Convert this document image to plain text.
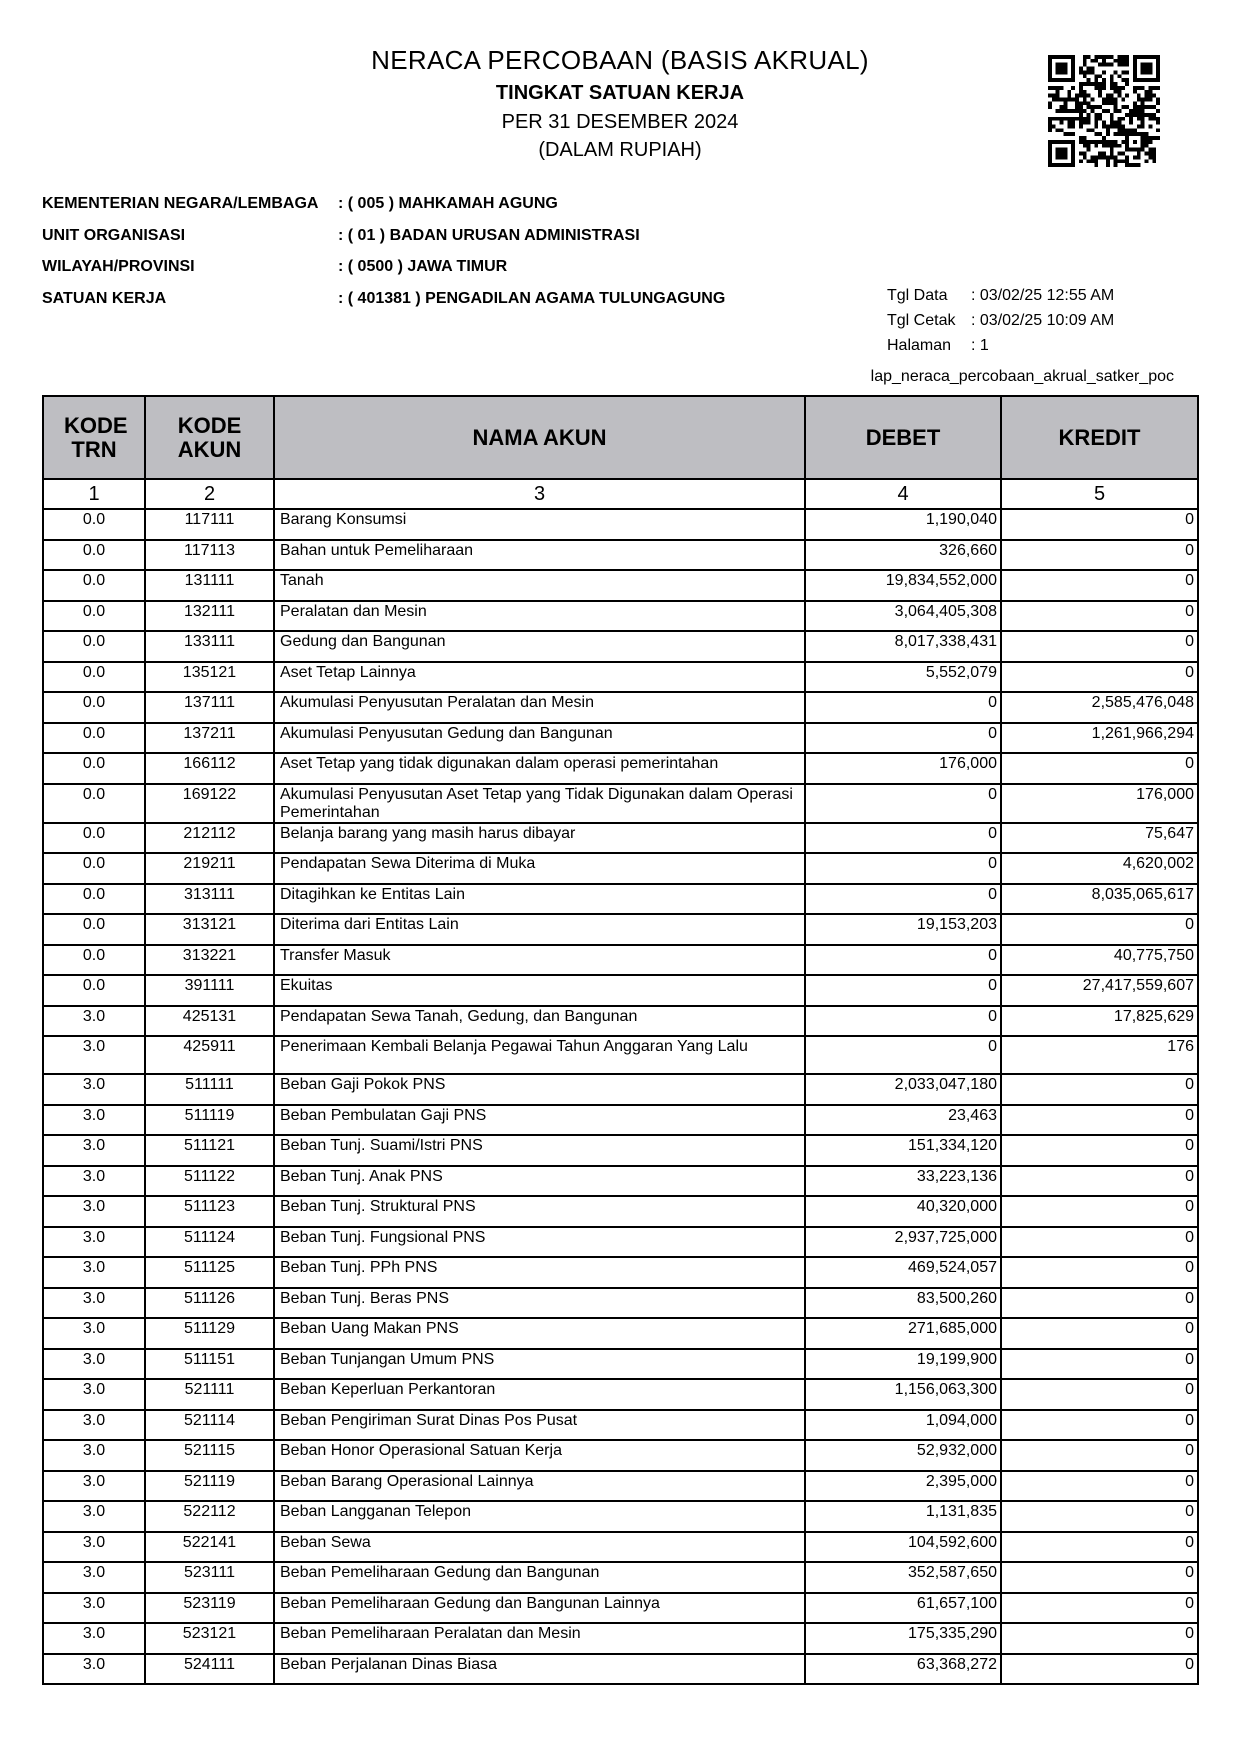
NERACA PERCOBAAN (BASIS AKRUAL)
TINGKAT SATUAN KERJA
PER 31 DESEMBER 2024
(DALAM RUPIAH)
KEMENTERIAN NEGARA/LEMBAGA : ( 005 ) MAHKAMAH AGUNG
UNIT ORGANISASI	: ( 01 ) BADAN URUSAN ADMINISTRASI
WILAYAH/PROVINSI	: ( 0500 ) JAWA TIMUR
SATUAN KERJA	: ( 401381 ) PENGADILAN AGAMA TULUNGAGUNG	Tgl Data : 03/02/25 12:55 AM
Tgl Cetak : 03/02/25 10:09 AM
Halaman : 1
lap_neraca_percobaan_akrual_satker_poc
KODE TRN	KODE AKUN	NAMA AKUN	DEBET	KREDIT
1	2	3	4	5
0.0	117111	Barang Konsumsi	1,190,040	0
0.0	117113	Bahan untuk Pemeliharaan	326,660	0
0.0	131111	Tanah	19,834,552,000	0
0.0	132111	Peralatan dan Mesin	3,064,405,308	0
0.0	133111	Gedung dan Bangunan	8,017,338,431	0
0.0	135121	Aset Tetap Lainnya	5,552,079	0
0.0	137111	Akumulasi Penyusutan Peralatan dan Mesin	0	2,585,476,048
0.0	137211	Akumulasi Penyusutan Gedung dan Bangunan	0	1,261,966,294
0.0	166112	Aset Tetap yang tidak digunakan dalam operasi pemerintahan	176,000	0
0.0	169122	Akumulasi Penyusutan Aset Tetap yang Tidak Digunakan dalam Operasi Pemerintahan	0	176,000
0.0	212112	Belanja barang yang masih harus dibayar	0	75,647
0.0	219211	Pendapatan Sewa Diterima di Muka	0	4,620,002
0.0	313111	Ditagihkan ke Entitas Lain	0	8,035,065,617
0.0	313121	Diterima dari Entitas Lain	19,153,203	0
0.0	313221	Transfer Masuk	0	40,775,750
0.0	391111	Ekuitas	0	27,417,559,607
3.0	425131	Pendapatan Sewa Tanah, Gedung, dan Bangunan	0	17,825,629
3.0	425911	Penerimaan Kembali Belanja Pegawai Tahun Anggaran Yang Lalu	0	176
3.0	511111	Beban Gaji Pokok PNS	2,033,047,180	0
3.0	511119	Beban Pembulatan Gaji PNS	23,463	0
3.0	511121	Beban Tunj. Suami/Istri PNS	151,334,120	0
3.0	511122	Beban Tunj. Anak PNS	33,223,136	0
3.0	511123	Beban Tunj. Struktural PNS	40,320,000	0
3.0	511124	Beban Tunj. Fungsional PNS	2,937,725,000	0
3.0	511125	Beban Tunj. PPh PNS	469,524,057	0
3.0	511126	Beban Tunj. Beras PNS	83,500,260	0
3.0	511129	Beban Uang Makan PNS	271,685,000	0
3.0	511151	Beban Tunjangan Umum PNS	19,199,900	0
3.0	521111	Beban Keperluan Perkantoran	1,156,063,300	0
3.0	521114	Beban Pengiriman Surat Dinas Pos Pusat	1,094,000	0
3.0	521115	Beban Honor Operasional Satuan Kerja	52,932,000	0
3.0	521119	Beban Barang Operasional Lainnya	2,395,000	0
3.0	522112	Beban Langganan Telepon	1,131,835	0
3.0	522141	Beban Sewa	104,592,600	0
3.0	523111	Beban Pemeliharaan Gedung dan Bangunan	352,587,650	0
3.0	523119	Beban Pemeliharaan Gedung dan Bangunan Lainnya	61,657,100	0
3.0	523121	Beban Pemeliharaan Peralatan dan Mesin	175,335,290	0
3.0	524111	Beban Perjalanan Dinas Biasa	63,368,272	0
